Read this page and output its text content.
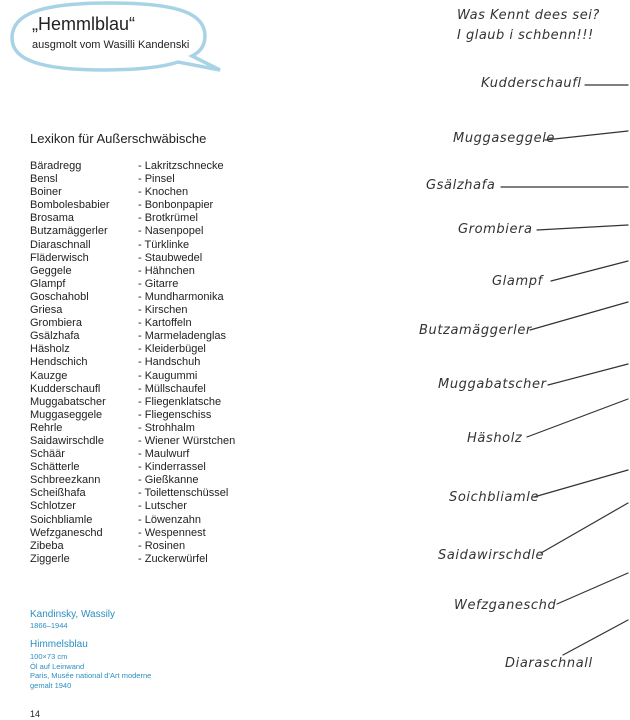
„Hemmlblau“
ausgmolt vom Wasilli Kandenski
Was Kennt dees sei?
I glaub i schbenn!!!
Kudderschaufl
Muggaseggele
Gsälzhafa
Grombiera
Glampf
Butzamäggerler
Muggabatscher
Häsholz
Soichbliamle
Saidawirschdle
Wefzganeschd
Diaraschnall
Lexikon für Außerschwäbische
Bäradregg	- Lakritzschnecke
Bensl	- Pinsel
Boiner	- Knochen
Bombolesbabier	- Bonbonpapier
Brosama	- Brotkrümel
Butzamäggerler	- Nasenpopel
Diaraschnall	- Türklinke
Fläderwisch	- Staubwedel
Geggele	- Hähnchen
Glampf	- Gitarre
Goschahobl	- Mundharmonika
Griesa	- Kirschen
Grombiera	- Kartoffeln
Gsälzhafa	- Marmeladenglas
Häsholz	- Kleiderbügel
Hendschich	- Handschuh
Kauzge	- Kaugummi
Kudderschaufl	- Müllschaufel
Muggabatscher	- Fliegenklatsche
Muggaseggele	- Fliegenschiss
Rehrle	- Strohhalm
Saidawirschdle	- Wiener Würstchen
Schäär	- Maulwurf
Schätterle	- Kinderrassel
Schbreezkann	- Gießkanne
Scheißhafa	- Toilettenschüssel
Schlotzer	- Lutscher
Soichbliamle	- Löwenzahn
Wefzganeschd	- Wespennest
Zibeba	- Rosinen
Ziggerle	- Zuckerwürfel
Kandinsky, Wassily
1866–1944
Himmelsblau
100×73 cm
Öl auf Leinwand
Paris, Musée national d’Art moderne
gemalt 1940
14
